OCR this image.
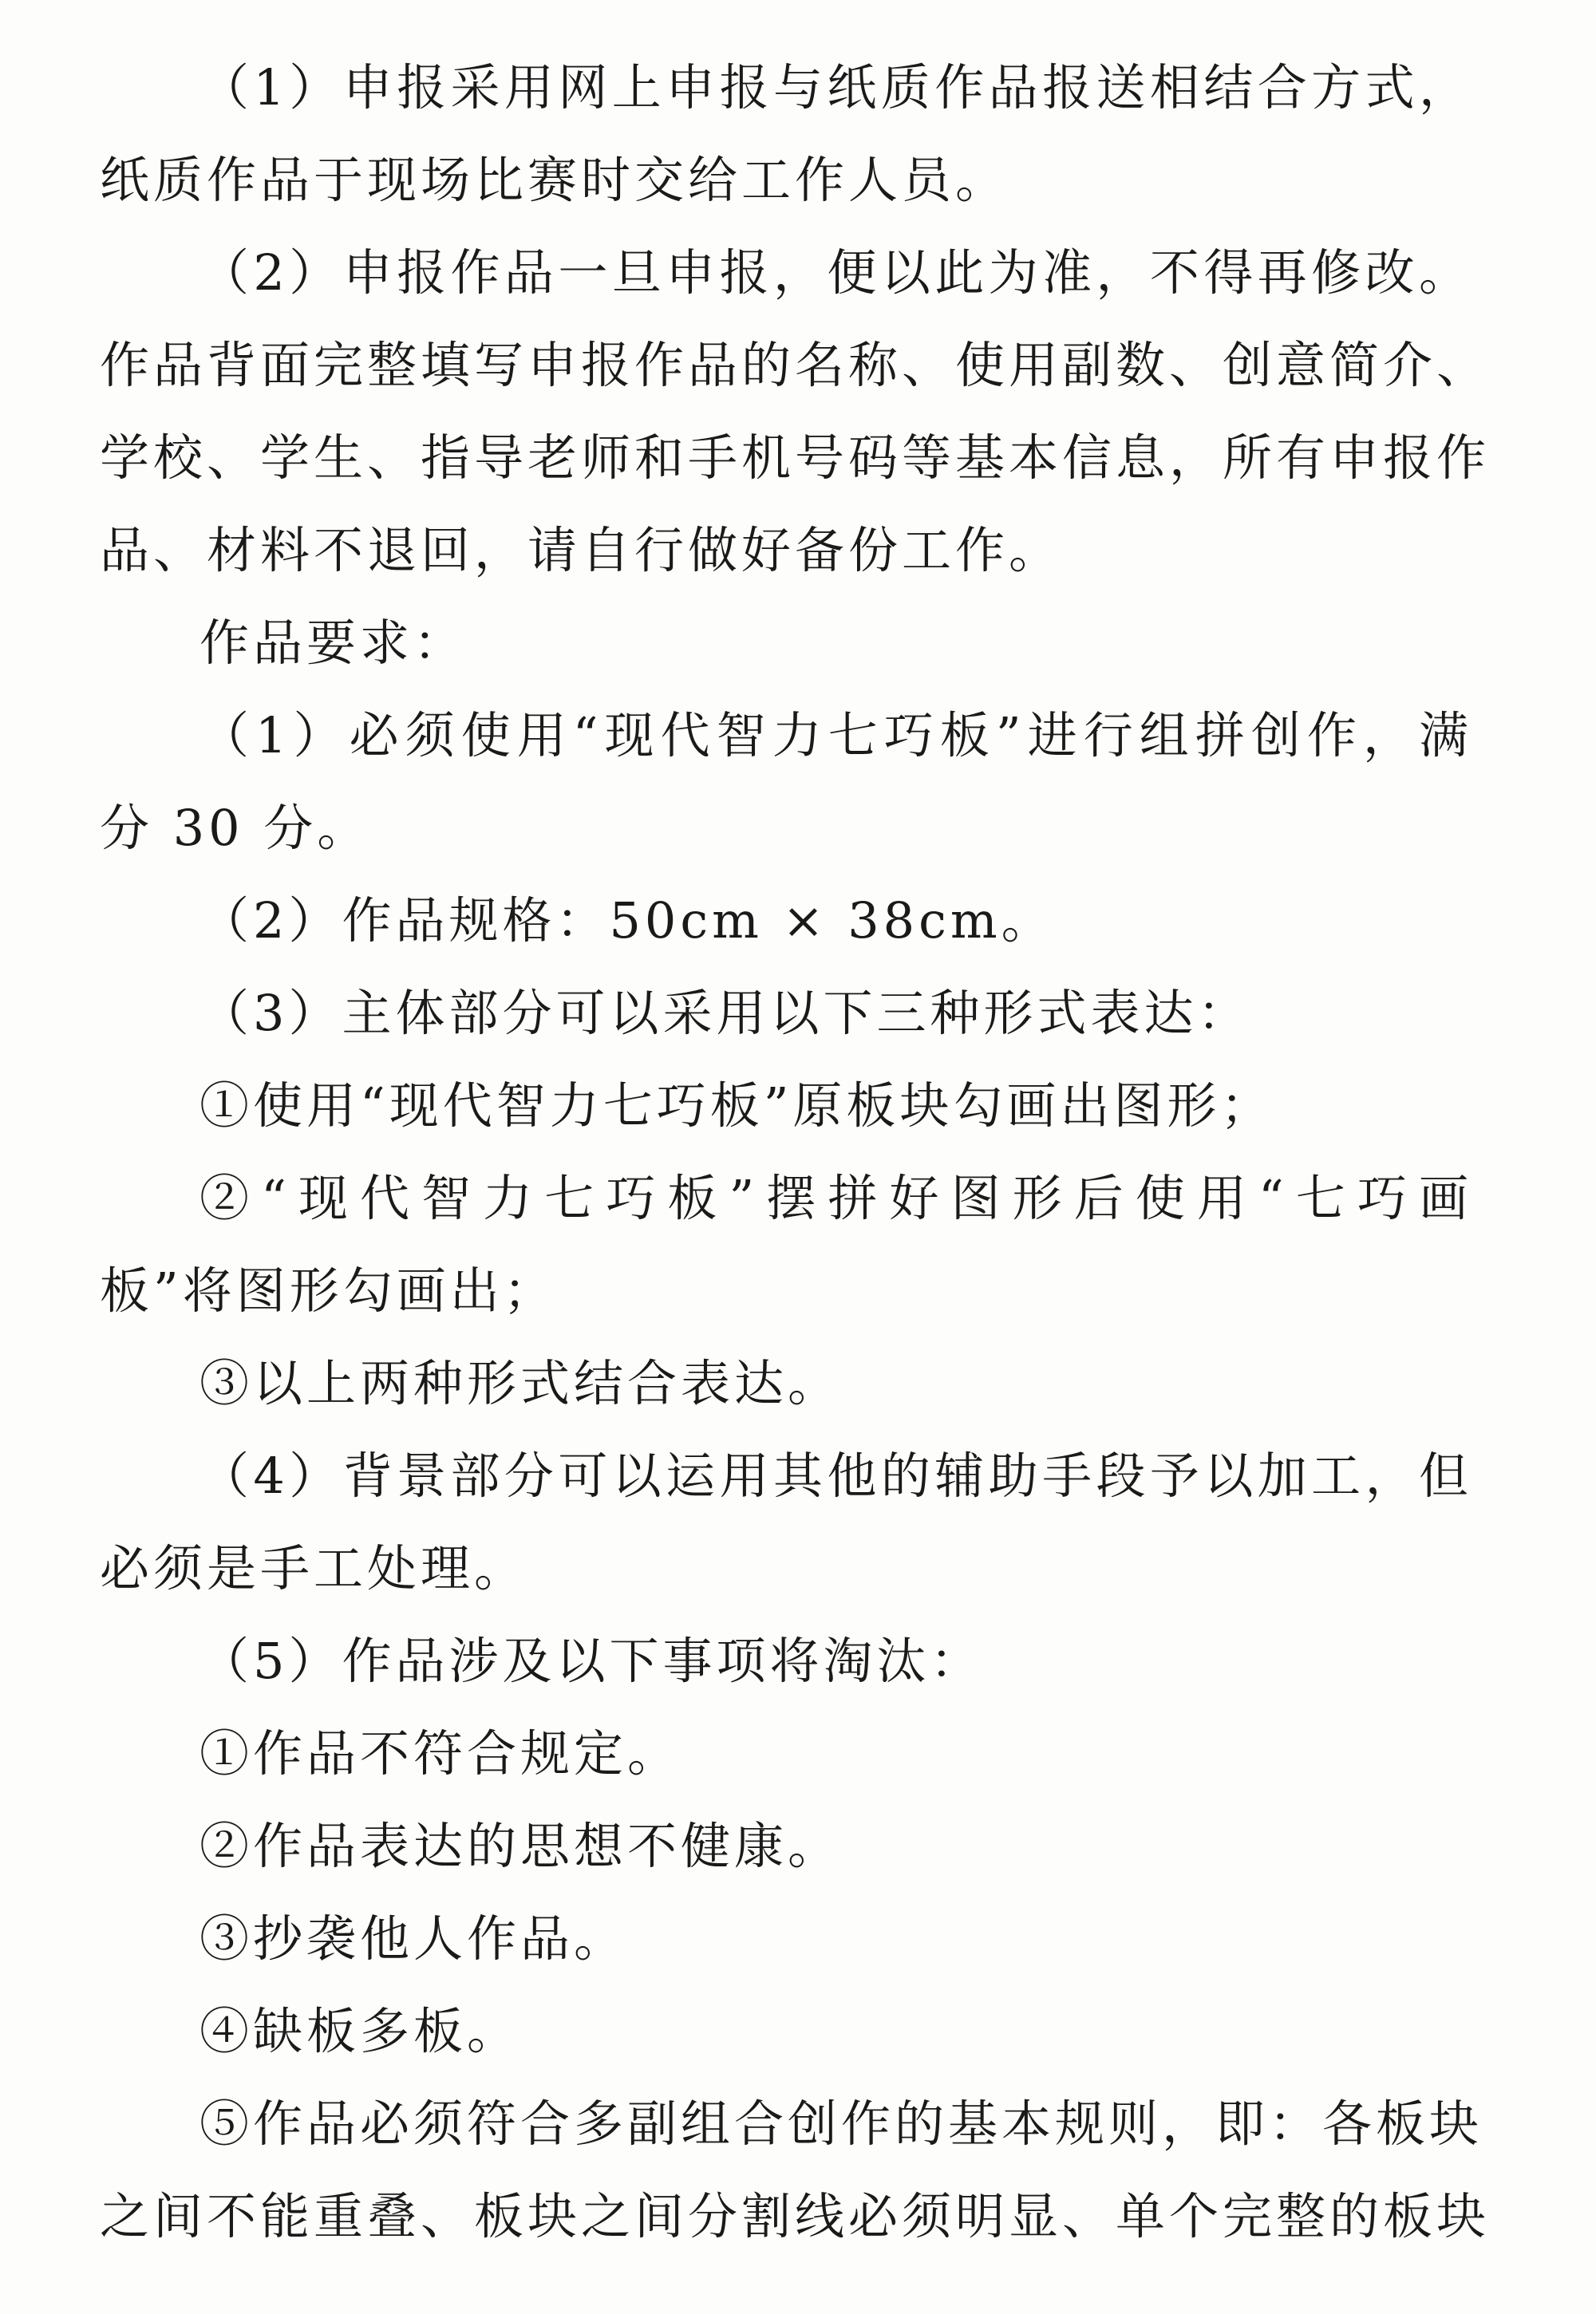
（1）申报采用网上申报与纸质作品报送相结合方式，
纸质作品于现场比赛时交给工作人员。
（2）申报作品一旦申报，便以此为准，不得再修改。
作品背面完整填写申报作品的名称、使用副数、创意简介、
学校、学生、指导老师和手机号码等基本信息，所有申报作
品、材料不退回，请自行做好备份工作。
作品要求：
（1）必须使用“现代智力七巧板”进行组拼创作，满
分 30 分。
（2）作品规格：50cm × 38cm。
（3）主体部分可以采用以下三种形式表达：
①使用“现代智力七巧板”原板块勾画出图形；
②“现代智力七巧板”摆拼好图形后使用“七巧画
板”将图形勾画出；
③以上两种形式结合表达。
（4）背景部分可以运用其他的辅助手段予以加工，但
必须是手工处理。
（5）作品涉及以下事项将淘汰：
①作品不符合规定。
②作品表达的思想不健康。
③抄袭他人作品。
④缺板多板。
⑤作品必须符合多副组合创作的基本规则，即：各板块
之间不能重叠、板块之间分割线必须明显、单个完整的板块
